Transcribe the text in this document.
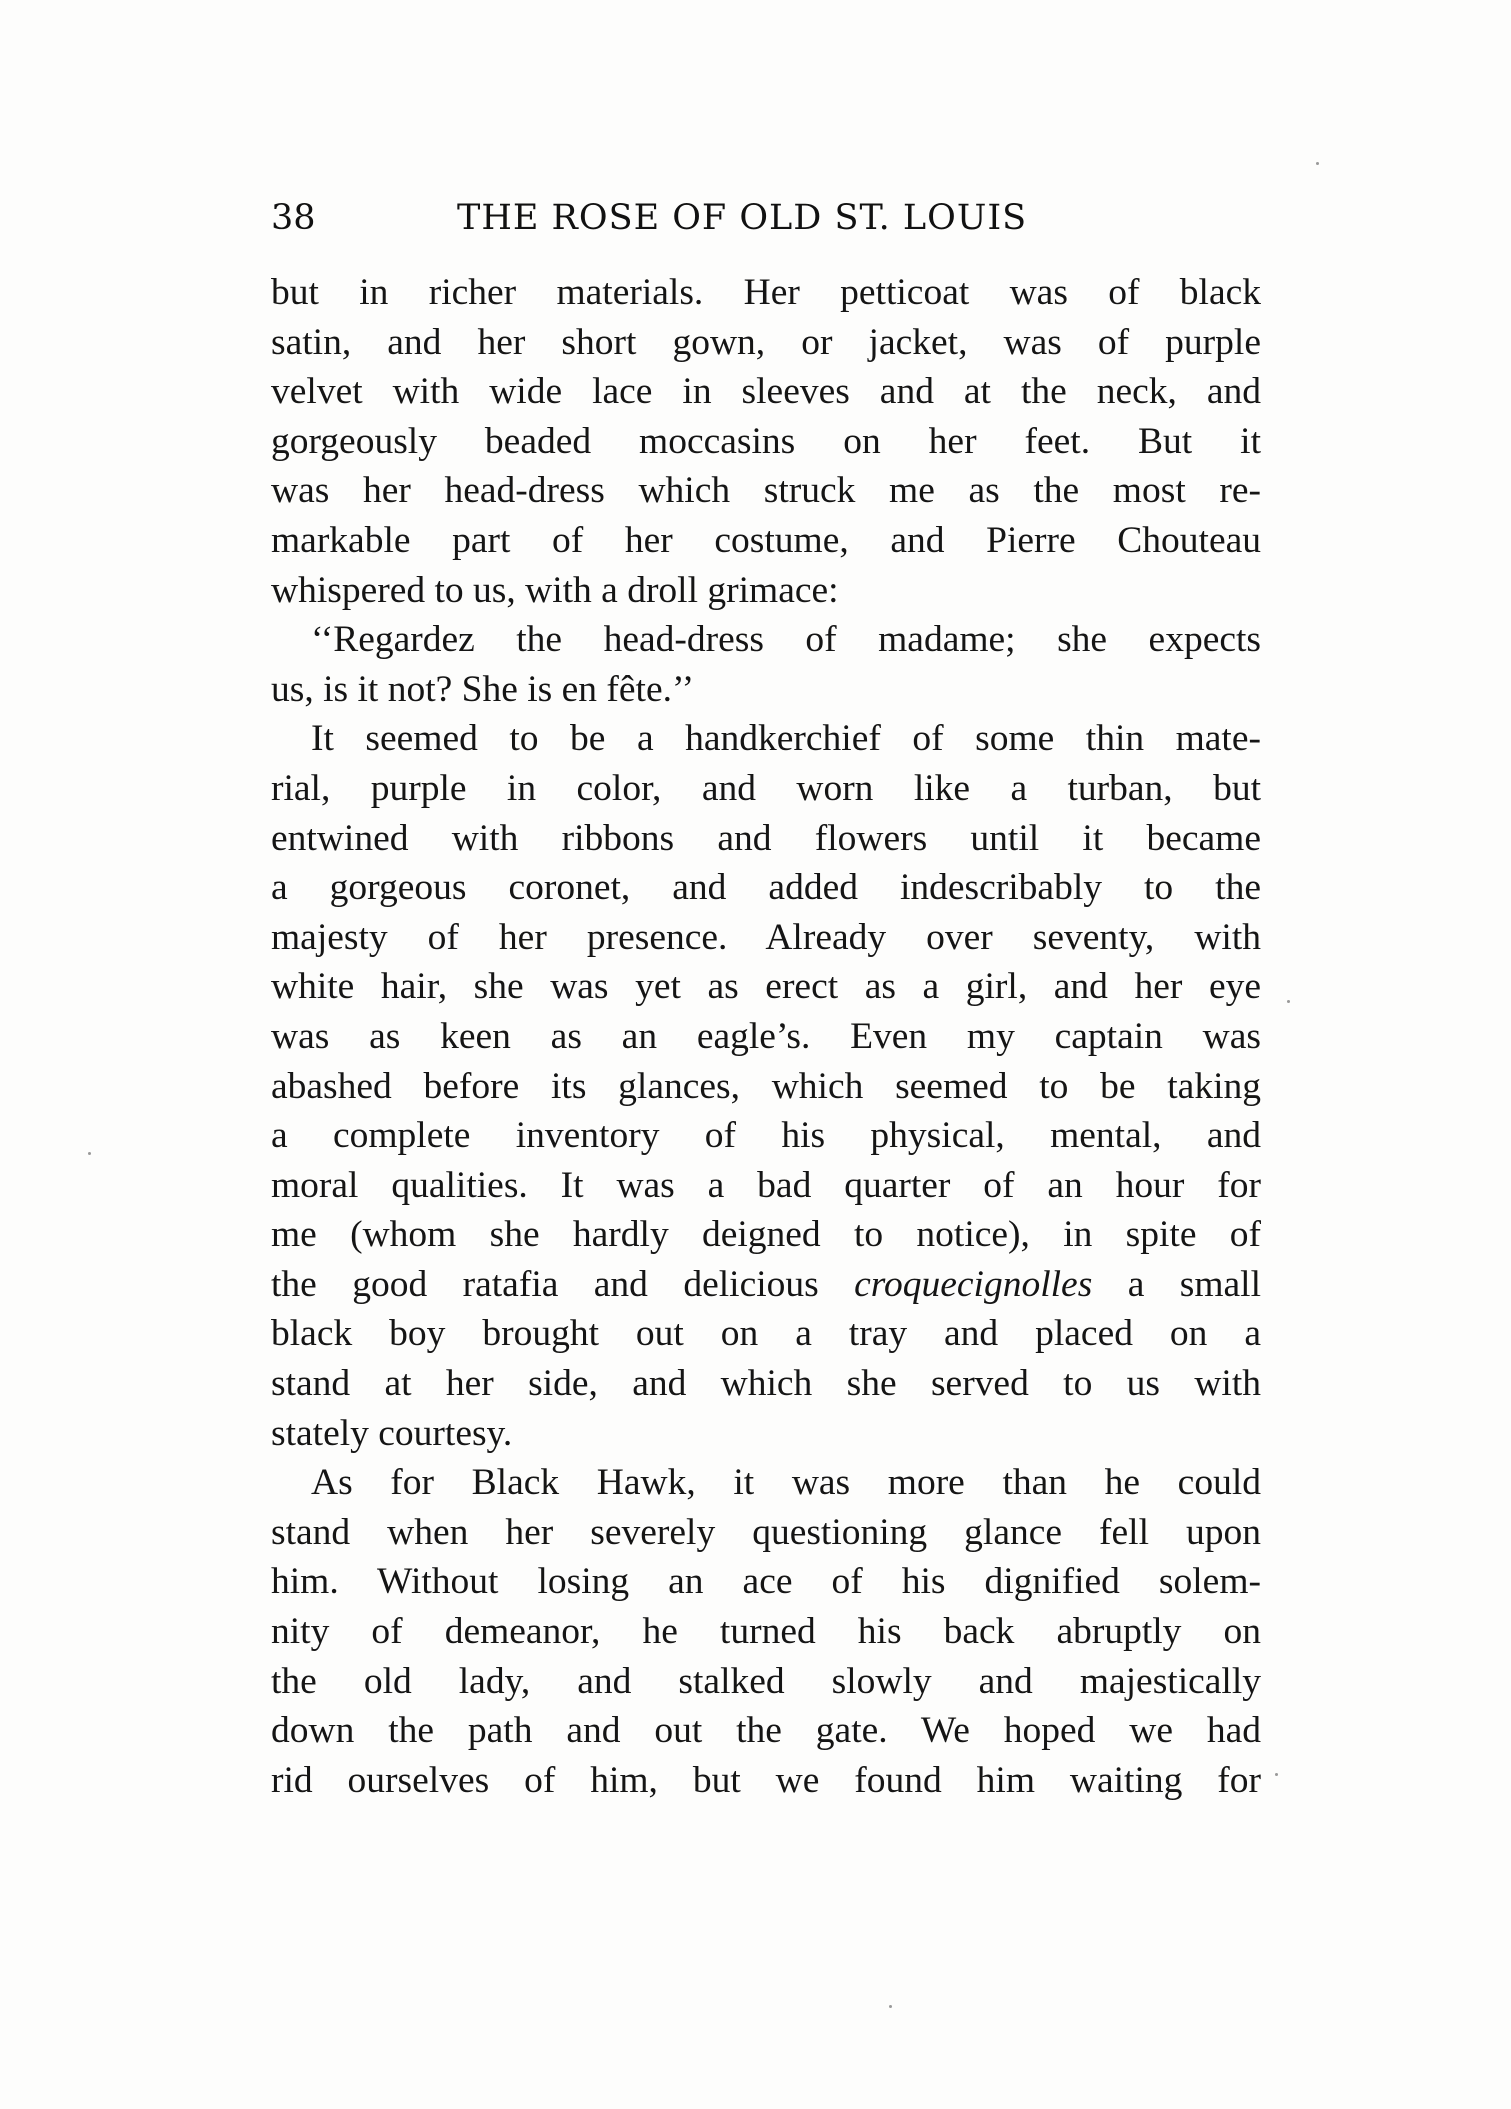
38	THE ROSE OF OLD ST. LOUIS
but in richer materials. Her petticoat was of black
satin, and her short gown, or jacket, was of purple
velvet with wide lace in sleeves and at the neck, and
gorgeously beaded moccasins on her feet. But it
was her head-dress which struck me as the most re-
markable part of her costume, and Pierre Chouteau
whispered to us, with a droll grimace:
‘‘Regardez the head-dress of madame; she expects
us, is it not? She is en fête.’’
It seemed to be a handkerchief of some thin mate-
rial, purple in color, and worn like a turban, but
entwined with ribbons and flowers until it became
a gorgeous coronet, and added indescribably to the
majesty of her presence. Already over seventy, with
white hair, she was yet as erect as a girl, and her eye
was as keen as an eagle’s. Even my captain was
abashed before its glances, which seemed to be taking
a complete inventory of his physical, mental, and
moral qualities. It was a bad quarter of an hour for
me (whom she hardly deigned to notice), in spite of
the good ratafia and delicious croquecignolles a small
black boy brought out on a tray and placed on a
stand at her side, and which she served to us with
stately courtesy.
As for Black Hawk, it was more than he could
stand when her severely questioning glance fell upon
him. Without losing an ace of his dignified solem-
nity of demeanor, he turned his back abruptly on
the old lady, and stalked slowly and majestically
down the path and out the gate. We hoped we had
rid ourselves of him, but we found him waiting for
